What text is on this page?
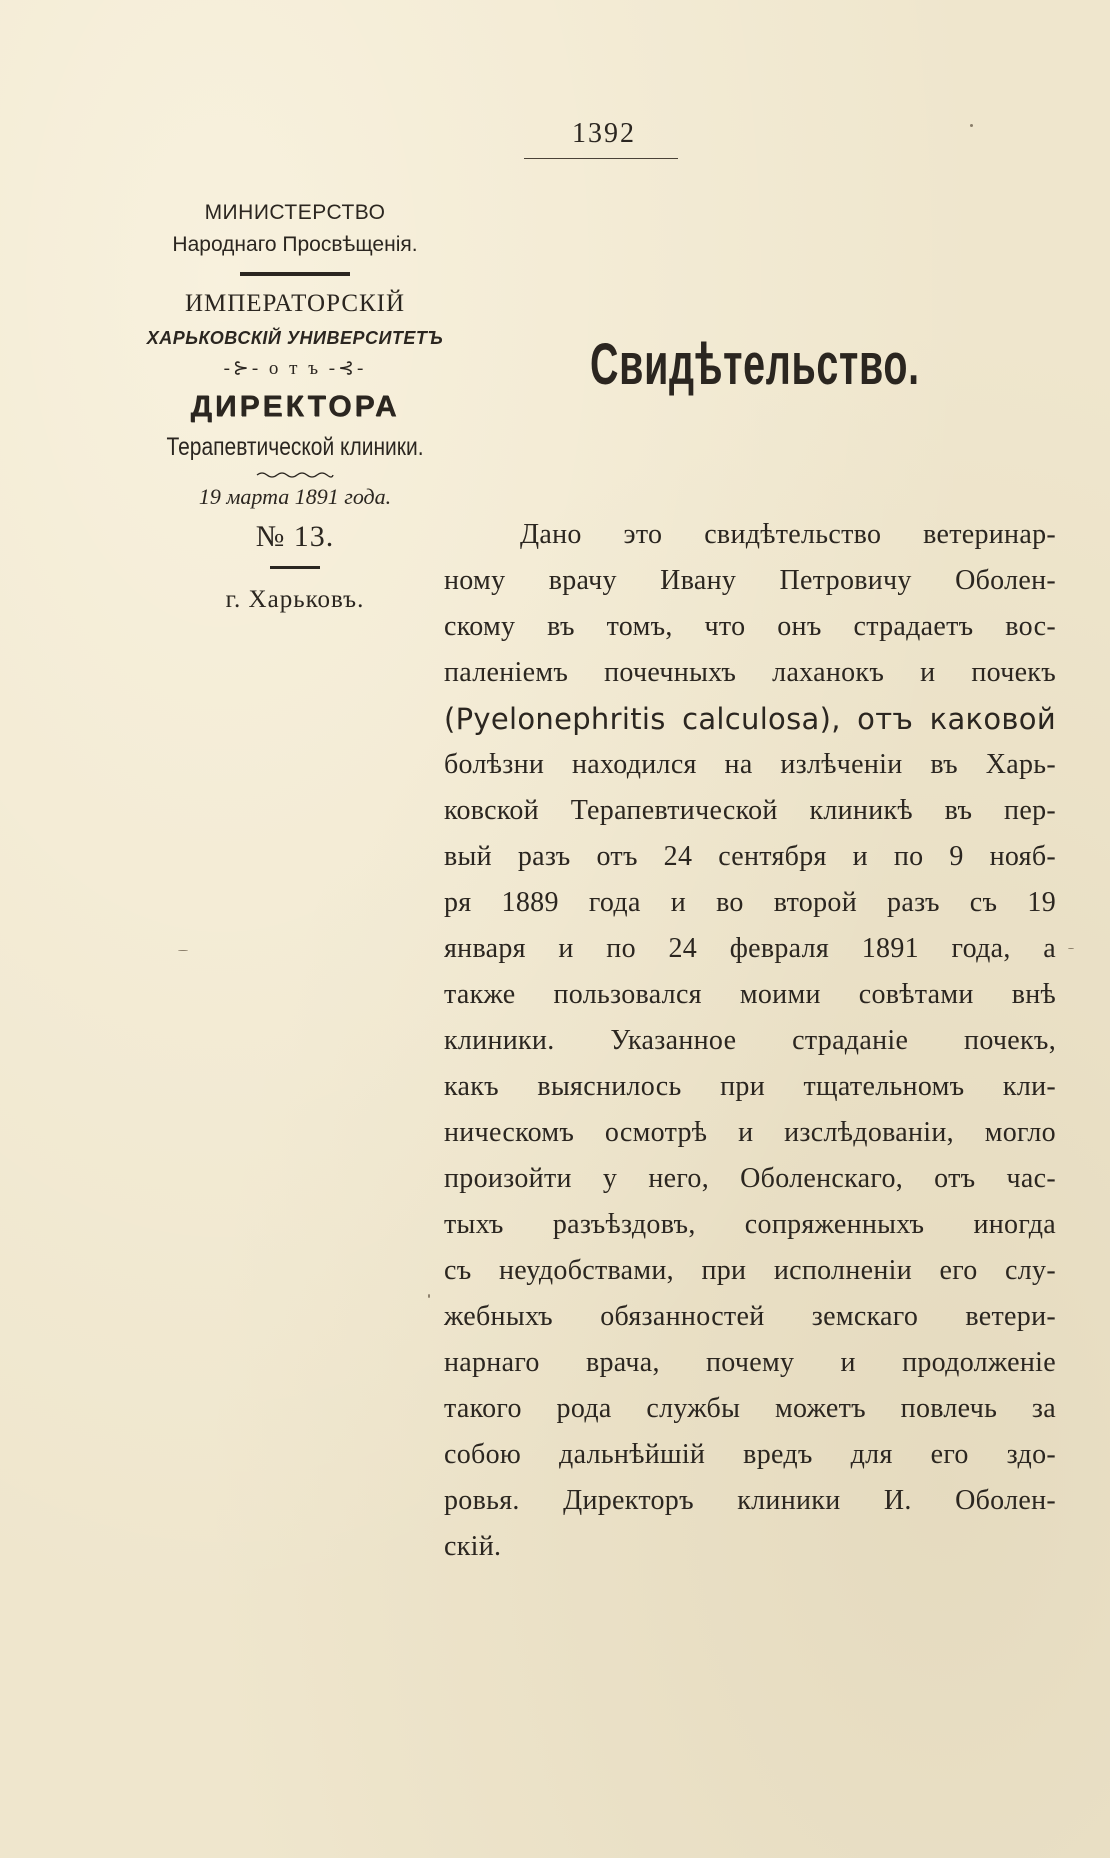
1392
МИНИСТЕРСТВО
Народнаго Просвѣщенія.
ИМПЕРАТОРСКІЙ
ХАРЬКОВСКІЙ УНИВЕРСИТЕТЪ
-⊱- о т ъ -⊰-
ДИРЕКТОРА
Терапевтической клиники.
19 марта 1891 года.
№ 13.
г. Харьковъ.
Свидѣтельство.
Дано это свидѣтельство ветеринар-
ному врачу Ивану Петровичу Оболен-
скому въ томъ, что онъ страдаетъ вос-
паленіемъ почечныхъ лаханокъ и почекъ
(Pyelonephritis calculosa), отъ каковой
болѣзни находился на излѣченіи въ Харь-
ковской Терапевтической клиникѣ въ пер-
вый разъ отъ 24 сентября и по 9 нояб-
ря 1889 года и во второй разъ съ 19
января и по 24 февраля 1891 года, а
также пользовался моими совѣтами внѣ
клиники. Указанное страданіе почекъ,
какъ выяснилось при тщательномъ кли-
ническомъ осмотрѣ и изслѣдованіи, могло
произойти у него, Оболенскаго, отъ час-
тыхъ разъѣздовъ, сопряженныхъ иногда
съ неудобствами, при исполненіи его слу-
жебныхъ обязанностей земскаго ветери-
нарнаго врача, почему и продолженіе
такого рода службы можетъ повлечь за
собою дальнѣйшій вредъ для его здо-
ровья. Директоръ клиники И. Оболен-
скій.
